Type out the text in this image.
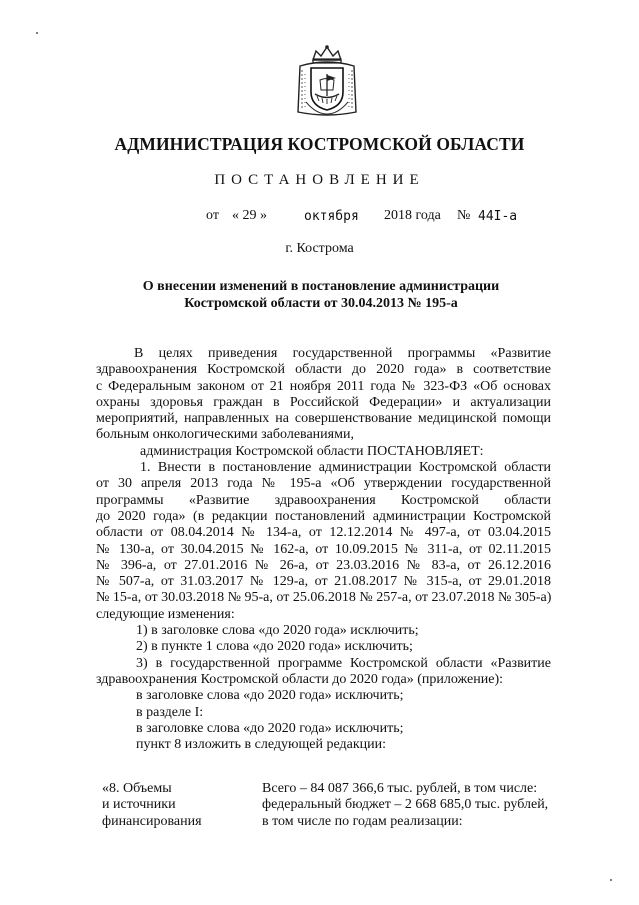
АДМИНИСТРАЦИЯ КОСТРОМСКОЙ ОБЛАСТИ
ПОСТАНОВЛЕНИЕ
от « 29 »	октября 2018 года № 44I-а
г. Кострома
О внесении изменений в постановление администрации
Костромской области от 30.04.2013 № 195-а
В целях приведения государственной программы «Развитие
здравоохранения Костромской области до 2020 года» в соответствие
с Федеральным законом от 21 ноября 2011 года № 323-ФЗ «Об основах
охраны здоровья граждан в Российской Федерации» и актуализации
мероприятий, направленных на совершенствование медицинской помощи
больным онкологическими заболеваниями,
администрация Костромской области ПОСТАНОВЛЯЕТ:
1. Внести в постановление администрации Костромской области
от 30 апреля 2013 года № 195-а «Об утверждении государственной
программы «Развитие здравоохранения Костромской области
до 2020 года» (в редакции постановлений администрации Костромской
области от 08.04.2014 № 134-а, от 12.12.2014 № 497-а, от 03.04.2015
№ 130-а, от 30.04.2015 № 162-а, от 10.09.2015 № 311-а, от 02.11.2015
№ 396-а, от 27.01.2016 № 26-а, от 23.03.2016 № 83-а, от 26.12.2016
№ 507-а, от 31.03.2017 № 129-а, от 21.08.2017 № 315-а, от 29.01.2018
№ 15-а, от 30.03.2018 № 95-а, от 25.06.2018 № 257-а, от 23.07.2018 № 305-а)
следующие изменения:
1) в заголовке слова «до 2020 года» исключить;
2) в пункте 1 слова «до 2020 года» исключить;
3) в государственной программе Костромской области «Развитие
здравоохранения Костромской области до 2020 года» (приложение):
в заголовке слова «до 2020 года» исключить;
в разделе I:
в заголовке слова «до 2020 года» исключить;
пункт 8 изложить в следующей редакции:
«8. Объемы
и источники
финансирования
Всего – 84 087 366,6 тыс. рублей, в том числе:
федеральный бюджет – 2 668 685,0 тыс. рублей,
в том числе по годам реализации:
